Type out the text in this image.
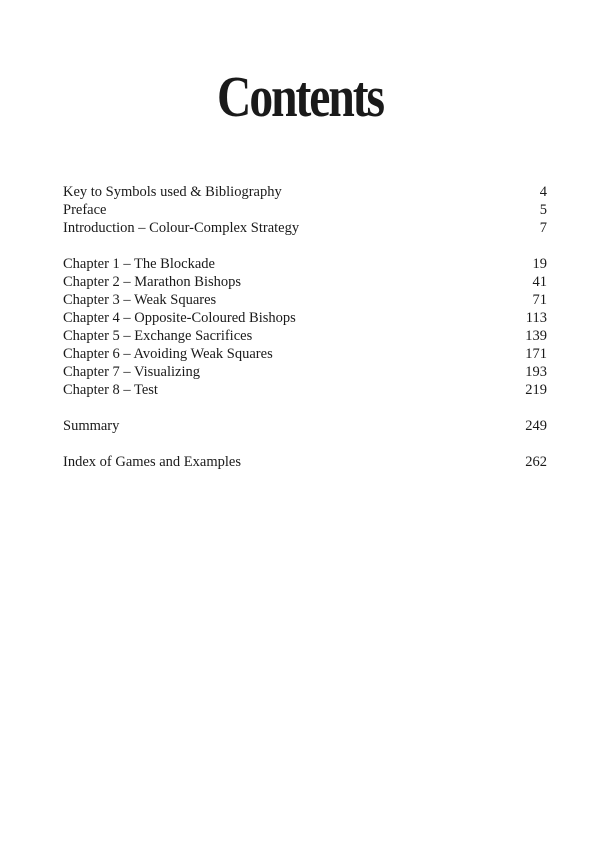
Contents
Key to Symbols used & Bibliography	4
Preface	5
Introduction – Colour-Complex Strategy	7
Chapter 1 – The Blockade	19
Chapter 2 – Marathon Bishops	41
Chapter 3 – Weak Squares	71
Chapter 4 – Opposite-Coloured Bishops	113
Chapter 5 – Exchange Sacrifices	139
Chapter 6 – Avoiding Weak Squares	171
Chapter 7 – Visualizing	193
Chapter 8 – Test	219
Summary	249
Index of Games and Examples	262
